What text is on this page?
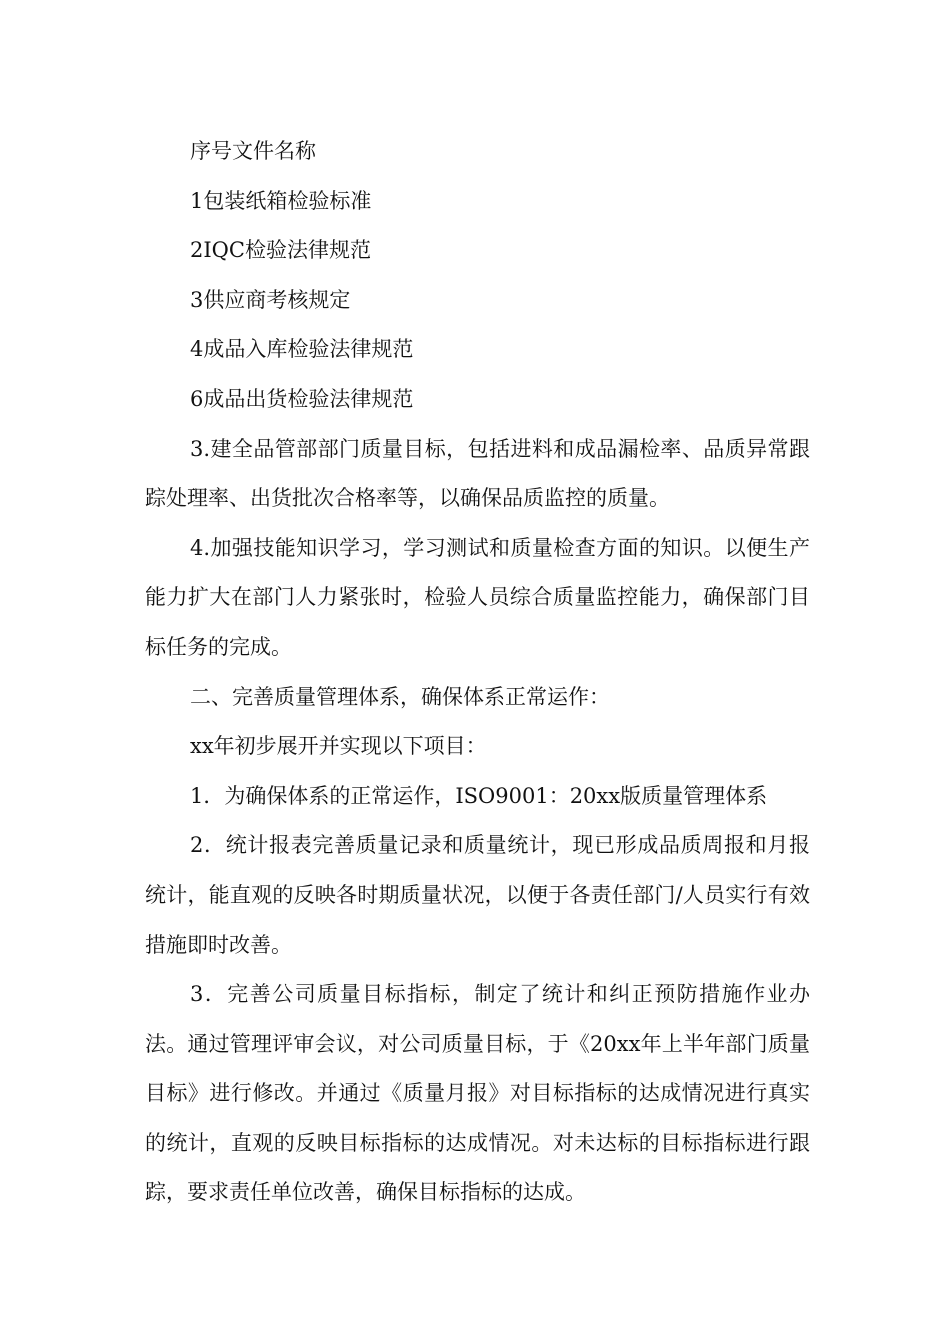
序号文件名称

1包装纸箱检验标准

2IQC检验法律规范

3供应商考核规定

4成品入库检验法律规范

6成品出货检验法律规范

3.建全品管部部门质量目标，包括进料和成品漏检率、品质异常跟踪处理率、出货批次合格率等，以确保品质监控的质量。

4.加强技能知识学习，学习测试和质量检查方面的知识。以便生产能力扩大在部门人力紧张时，检验人员综合质量监控能力，确保部门目标任务的完成。

二、完善质量管理体系，确保体系正常运作：

xx年初步展开并实现以下项目：

1．为确保体系的正常运作，ISO9001：20xx版质量管理体系

2．统计报表完善质量记录和质量统计，现已形成品质周报和月报统计，能直观的反映各时期质量状况，以便于各责任部门/人员实行有效措施即时改善。

3．完善公司质量目标指标，制定了统计和纠正预防措施作业办法。通过管理评审会议，对公司质量目标，于《20xx年上半年部门质量目标》进行修改。并通过《质量月报》对目标指标的达成情况进行真实的统计，直观的反映目标指标的达成情况。对未达标的目标指标进行跟踪，要求责任单位改善，确保目标指标的达成。
